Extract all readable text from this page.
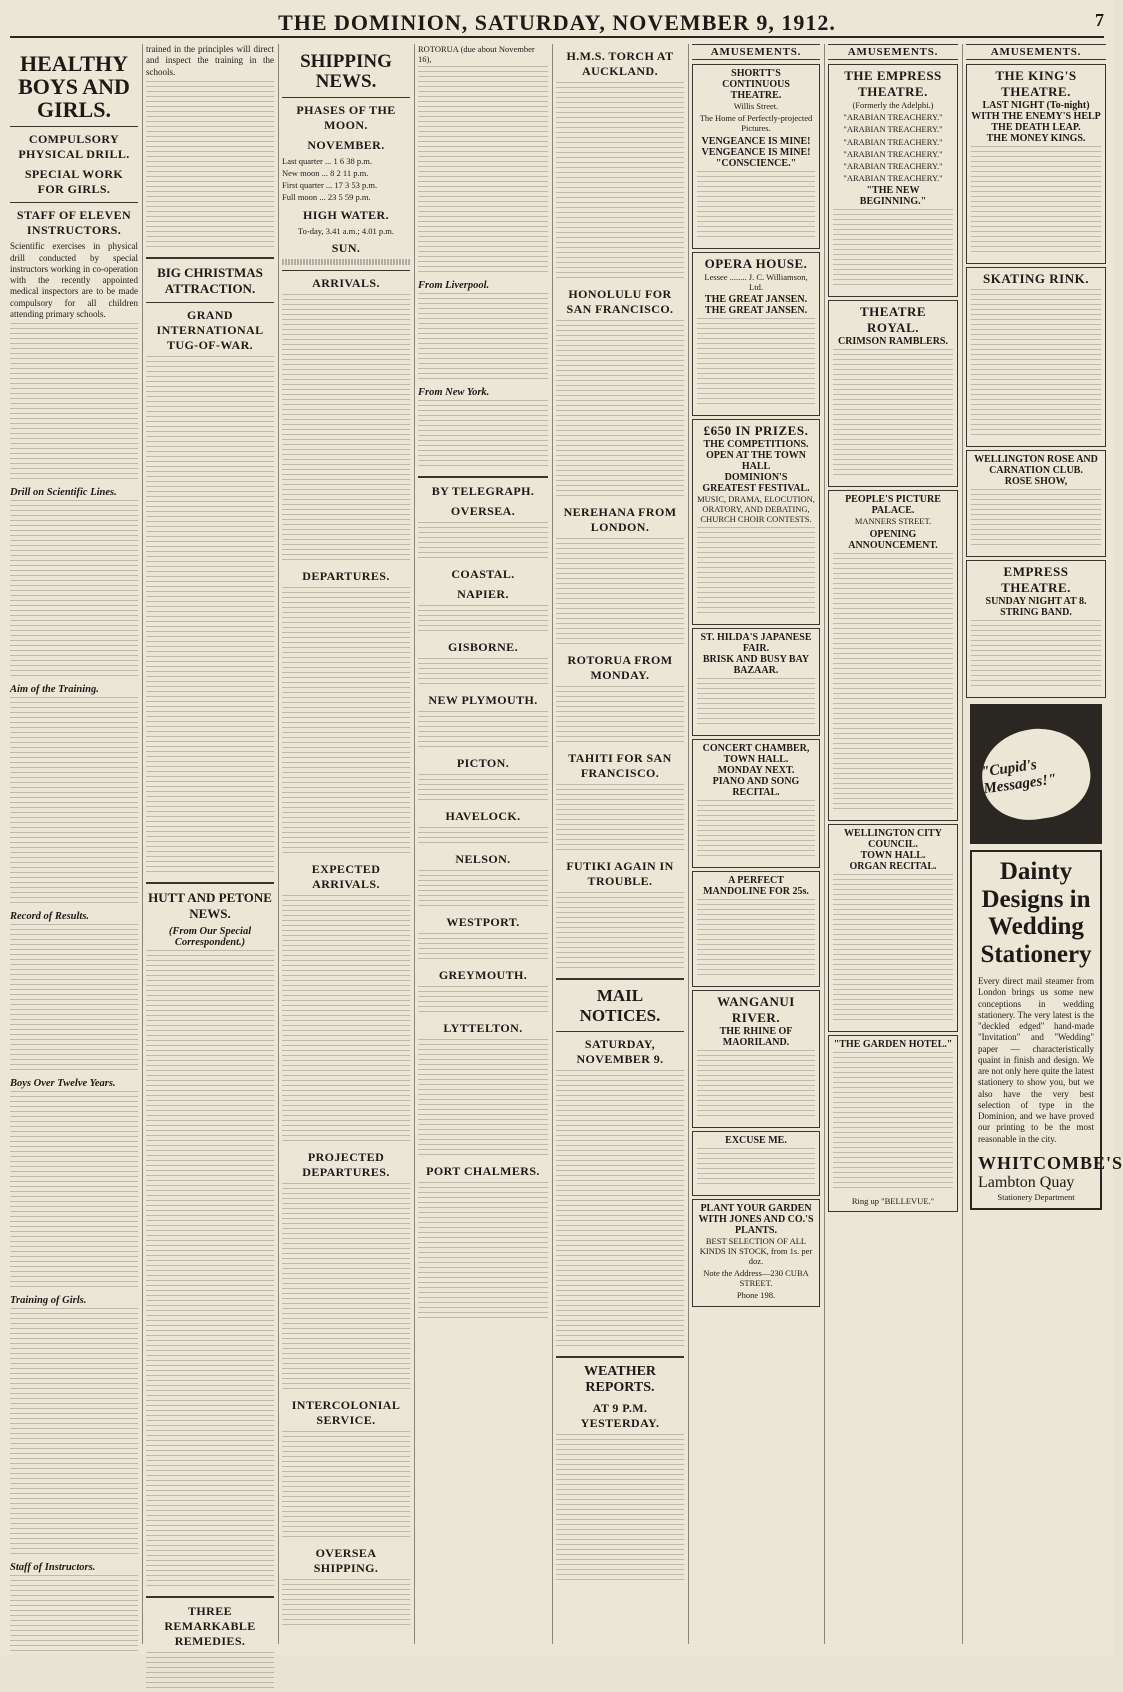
THE DOMINION, SATURDAY, NOVEMBER 9, 1912.	7
HEALTHY BOYS AND GIRLS.
COMPULSORY PHYSICAL DRILL.
SPECIAL WORK FOR GIRLS.
STAFF OF ELEVEN INSTRUCTORS.

Scientific exercises in physical drill conducted by special instructors working in co-operation with the recently appointed medical inspectors are to be made compulsory for all children attending primary schools.

Drill on Scientific Lines.
Aim of the Training.
Record of Results.
Boys Over Twelve Years.
Training of Girls.
Staff of Instructors.

trained in the principles will direct and inspect the training in the schools.

BIG CHRISTMAS ATTRACTION.
GRAND INTERNATIONAL TUG-OF-WAR.
HUTT AND PETONE NEWS.
(From Our Special Correspondent.)
THREE REMARKABLE REMEDIES.
SHIPPING NEWS.
PHASES OF THE MOON.
NOVEMBER.
Last quarter ... 1 6 38 p.m.
New moon ... 8 2 11 p.m.
First quarter ... 17 3 53 p.m.
Full moon ... 23 5 59 p.m.
HIGH WATER.

To-day, 3.41 a.m.; 4.01 p.m.

SUN.
ARRIVALS.
DEPARTURES.
EXPECTED ARRIVALS.
PROJECTED DEPARTURES.
INTERCOLONIAL SERVICE.
OVERSEA SHIPPING.

ROTORUA (due about November 16),

From Liverpool.
From New York.
BY TELEGRAPH.
OVERSEA.
COASTAL.
NAPIER.
GISBORNE.
NEW PLYMOUTH.
PICTON.
HAVELOCK.
NELSON.
WESTPORT.
GREYMOUTH.
LYTTELTON.
PORT CHALMERS.
H.M.S. TORCH AT AUCKLAND.
HONOLULU FOR SAN FRANCISCO.
NEREHANA FROM LONDON.
ROTORUA FROM MONDAY.
TAHITI FOR SAN FRANCISCO.
FUTIKI AGAIN IN TROUBLE.
MAIL NOTICES.
SATURDAY, NOVEMBER 9.
WEATHER REPORTS.
AT 9 P.M. YESTERDAY.
AMUSEMENTS.
SHORTT'S CONTINUOUS THEATRE.
Willis Street.
The Home of Perfectly-projected Pictures.
VENGEANCE IS MINE!
VENGEANCE IS MINE!
"CONSCIENCE."
OPERA HOUSE.
Lessee ........ J. C. Williamson, Ltd.
THE GREAT JANSEN.
THE GREAT JANSEN.
£650 IN PRIZES.
THE COMPETITIONS.
OPEN AT THE TOWN HALL
DOMINION'S GREATEST FESTIVAL.
MUSIC, DRAMA, ELOCUTION, ORATORY, AND DEBATING, CHURCH CHOIR CONTESTS.
ST. HILDA'S JAPANESE FAIR.
BRISK AND BUSY BAY BAZAAR.
CONCERT CHAMBER, TOWN HALL.
MONDAY NEXT.
PIANO AND SONG RECITAL.
A PERFECT MANDOLINE FOR 25s.
WANGANUI RIVER.
THE RHINE OF MAORILAND.
EXCUSE ME.
PLANT YOUR GARDEN WITH JONES AND CO.'S PLANTS.
BEST SELECTION OF ALL KINDS IN STOCK, from 1s. per doz.
Note the Address—230 CUBA STREET.
Phone 198.
AMUSEMENTS.
THE EMPRESS THEATRE.
(Formerly the Adelphi.)
"ARABIAN TREACHERY."
"ARABIAN TREACHERY."
"ARABIAN TREACHERY."
"ARABIAN TREACHERY."
"ARABIAN TREACHERY."
"ARABIAN TREACHERY."
"THE NEW BEGINNING."
THEATRE ROYAL.
CRIMSON RAMBLERS.
PEOPLE'S PICTURE PALACE.
MANNERS STREET.
OPENING ANNOUNCEMENT.
WELLINGTON CITY COUNCIL.
TOWN HALL.
ORGAN RECITAL.
"THE GARDEN HOTEL."
Ring up "BELLEVUE."
AMUSEMENTS.
THE KING'S THEATRE.
LAST NIGHT (To-night)
WITH THE ENEMY'S HELP
THE DEATH LEAP.
THE MONEY KINGS.
SKATING RINK.
WELLINGTON ROSE AND CARNATION CLUB.
ROSE SHOW,
EMPRESS THEATRE.
SUNDAY NIGHT AT 8.
STRING BAND.
"Cupid's Messages!"
Dainty Designs in Wedding Stationery

Every direct mail steamer from London brings us some new conceptions in wedding stationery. The very latest is the "deckled edged" hand-made "Invitation" and "Wedding" paper — characteristically quaint in finish and design. We are not only here quite the latest stationery to show you, but we also have the very best selection of type in the Dominion, and we have proved our printing to be the most reasonable in the city.

WHITCOMBE'S
Lambton Quay
Stationery Department
